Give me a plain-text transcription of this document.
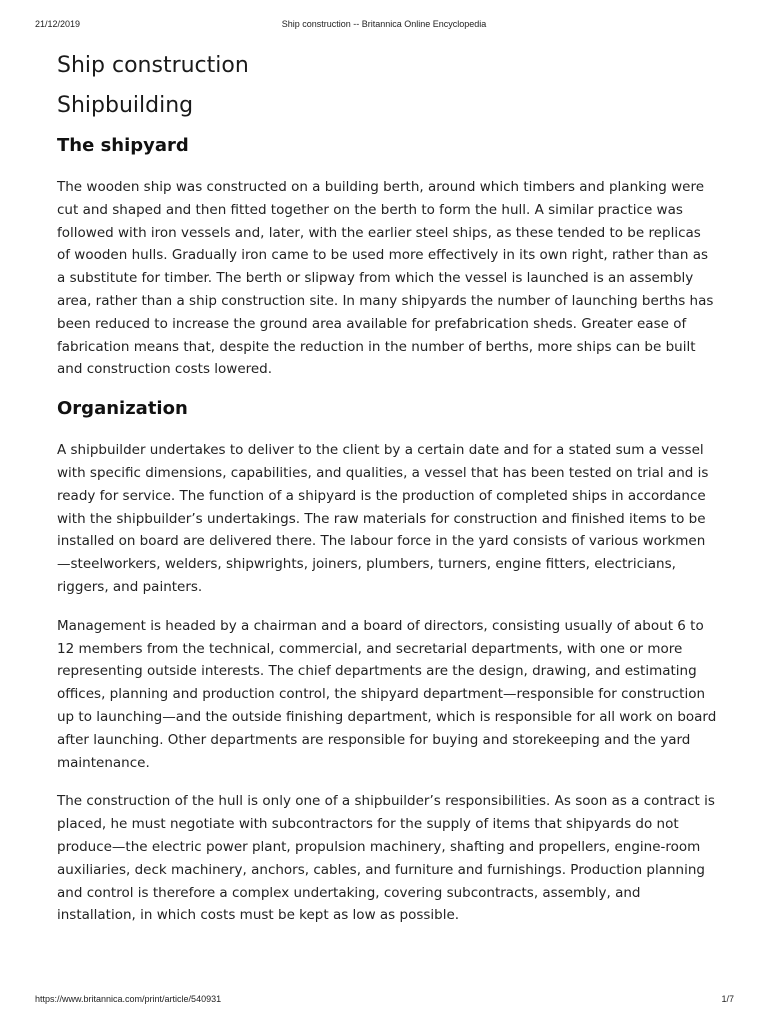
21/12/2019	Ship construction -- Britannica Online Encyclopedia
Ship construction
Shipbuilding
The shipyard

The wooden ship was constructed on a building berth, around which timbers and planking were cut and shaped and then fitted together on the berth to form the hull. A similar practice was followed with iron vessels and, later, with the earlier steel ships, as these tended to be replicas of wooden hulls. Gradually iron came to be used more effectively in its own right, rather than as a substitute for timber. The berth or slipway from which the vessel is launched is an assembly area, rather than a ship construction site. In many shipyards the number of launching berths has been reduced to increase the ground area available for prefabrication sheds. Greater ease of fabrication means that, despite the reduction in the number of berths, more ships can be built and construction costs lowered.

Organization

A shipbuilder undertakes to deliver to the client by a certain date and for a stated sum a vessel with specific dimensions, capabilities, and qualities, a vessel that has been tested on trial and is ready for service. The function of a shipyard is the production of completed ships in accordance with the shipbuilder’s undertakings. The raw materials for construction and finished items to be installed on board are delivered there. The labour force in the yard consists of various workmen—steelworkers, welders, shipwrights, joiners, plumbers, turners, engine fitters, electricians, riggers, and painters.

Management is headed by a chairman and a board of directors, consisting usually of about 6 to 12 members from the technical, commercial, and secretarial departments, with one or more representing outside interests. The chief departments are the design, drawing, and estimating offices, planning and production control, the shipyard department—responsible for construction up to launching—and the outside finishing department, which is responsible for all work on board after launching. Other departments are responsible for buying and storekeeping and the yard maintenance.

The construction of the hull is only one of a shipbuilder’s responsibilities. As soon as a contract is placed, he must negotiate with subcontractors for the supply of items that shipyards do not produce—the electric power plant, propulsion machinery, shafting and propellers, engine-room auxiliaries, deck machinery, anchors, cables, and furniture and furnishings. Production planning and control is therefore a complex undertaking, covering subcontracts, assembly, and installation, in which costs must be kept as low as possible.

https://www.britannica.com/print/article/540931	1/7
